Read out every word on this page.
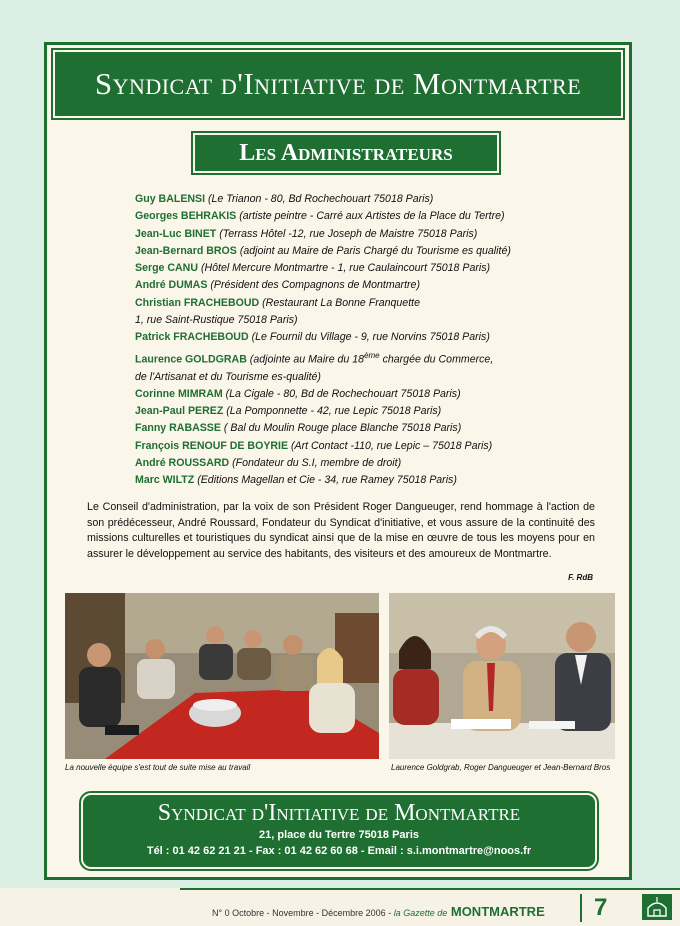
Syndicat d'Initiative de Montmartre
Les Administrateurs
Guy BALENSI (Le Trianon - 80, Bd Rochechouart 75018 Paris)
Georges BEHRAKIS (artiste peintre - Carré aux Artistes de la Place du Tertre)
Jean-Luc BINET (Terrass Hôtel -12, rue Joseph de Maistre 75018 Paris)
Jean-Bernard BROS (adjoint au Maire de Paris Chargé du Tourisme es qualité)
Serge CANU (Hôtel Mercure Montmartre - 1, rue Caulaincourt 75018 Paris)
André DUMAS (Président des Compagnons de Montmartre)
Christian FRACHEBOUD (Restaurant La Bonne Franquette
1, rue Saint-Rustique 75018 Paris)
Patrick FRACHEBOUD (Le Fournil du Village - 9, rue Norvins 75018 Paris)
Laurence GOLDGRAB (adjointe au Maire du 18ème chargée du Commerce,
de l'Artisanat et du Tourisme es-qualité)
Corinne MIMRAM (La Cigale - 80, Bd de Rochechouart 75018 Paris)
Jean-Paul PEREZ (La Pomponnette - 42, rue Lepic 75018 Paris)
Fanny RABASSE ( Bal du Moulin Rouge place Blanche 75018 Paris)
François RENOUF DE BOYRIE (Art Contact -110, rue Lepic – 75018 Paris)
André ROUSSARD (Fondateur du S.I, membre de droit)
Marc WILTZ (Editions Magellan et Cie - 34, rue Ramey 75018 Paris)

Le Conseil d'administration, par la voix de son Président Roger Dangueuger, rend hommage à l'action de son prédécesseur, André Roussard, Fondateur du Syndicat d'initiative, et vous assure de la continuité des missions culturelles et touristiques du syndicat ainsi que de la mise en œuvre de tous les moyens pour en assurer le développement au service des habitants, des visiteurs et des amoureux de Montmartre.

F. RdB
La nouvelle équipe s'est tout de suite mise au travail	Laurence Goldgrab, Roger Dangueuger et Jean-Bernard Bros
Syndicat d'Initiative de Montmartre
21, place du Tertre 75018 Paris
Tél : 01 42 62 21 21 - Fax : 01 42 62 60 68 - Email : s.i.montmartre@noos.fr
N° 0 Octobre - Novembre - Décembre 2006 - la Gazette de MONTMARTRE 7
